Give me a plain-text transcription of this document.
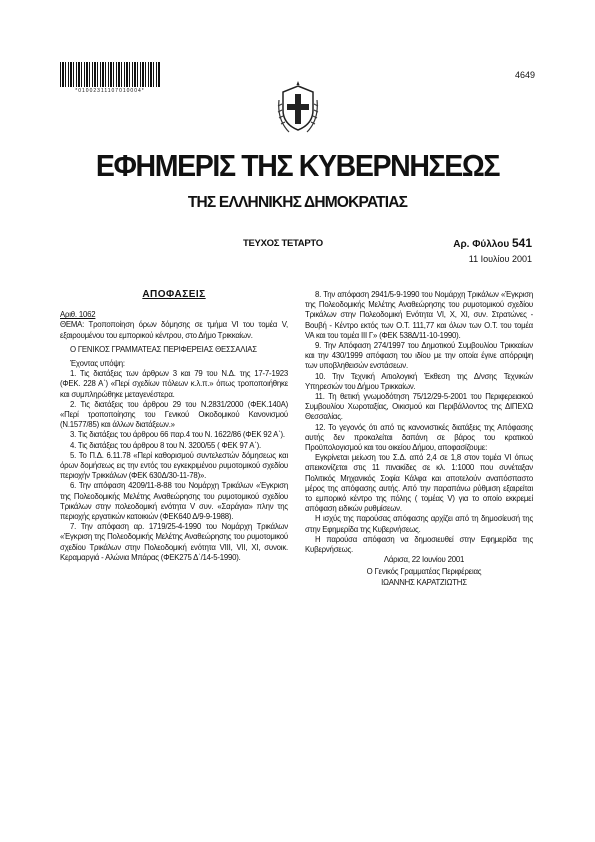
*01002311107010004*
4649
ΕΦΗΜΕΡΙΣ ΤΗΣ ΚΥΒΕΡΝΗΣΕΩΣ
ΤΗΣ ΕΛΛΗΝΙΚΗΣ ΔΗΜΟΚΡΑΤΙΑΣ
ΤΕΥΧΟΣ ΤΕΤΑΡΤΟ	Αρ. Φύλλου 541
11 Ιουλίου 2001
ΑΠΟΦΑΣΕΙΣ

Αριθ. 1062

ΘΕΜΑ: Τροποποίηση όρων δόμησης σε τμήμα VI του τομέα V, εξαιρουμένου του εμπορικού κέντρου, στο Δήμο Τρικκαίων.

Ο ΓΕΝΙΚΟΣ ΓΡΑΜΜΑΤΕΑΣ ΠΕΡΙΦΕΡΕΙΑΣ ΘΕΣΣΑΛΙΑΣ

Έχοντας υπόψη:

1. Τις διατάξεις των άρθρων 3 και 79 του Ν.Δ. της 17-7-1923 (ΦΕΚ. 228 Α΄) «Περί σχεδίων πόλεων κ.λ.π.» όπως τροποποιήθηκε και συμπληρώθηκε μεταγενέστερα.

2. Τις διατάξεις του άρθρου 29 του Ν.2831/2000 (ΦΕΚ.140Α) «Περί τροποποίησης του Γενικού Οικοδομικού Κανονισμού (Ν.1577/85) και άλλων διατάξεων.»

3. Τις διατάξεις του άρθρου 66 παρ.4 του Ν. 1622/86 (ΦΕΚ 92 Α΄).

4. Τις διατάξεις του άρθρου 8 του Ν. 3200/55 ( ΦΕΚ 97 Α΄).

5. Το Π.Δ. 6.11.78 «Περί καθορισμού συντελεστών δόμησεως και όρων δομήσεως εις την εντός του εγκεκριμένου ρυμοτομικού σχεδίου περιοχήν Τρικκάλων (ΦΕΚ 630Δ/30-11-78)».

6. Την απόφαση 4209/11-8-88 του Νομάρχη Τρικάλων «Έγκριση της Πολεοδομικής Μελέτης Αναθεώρησης του ρυμοτομικού σχεδίου Τρικάλων στην πολεοδομική ενότητα V συν. «Σαράγια» πλην της περιοχής εργατικών κατοικιών (ΦΕΚ640 Δ/9-9-1988).

7. Την απόφαση αρ. 1719/25-4-1990 του Νομάρχη Τρικάλων «Έγκριση της Πολεοδομικής Μελέτης Αναθεώρησης του ρυμοτομικού σχεδίου Τρικάλων στην Πολεοδομική ενότητα VIII, VII, XI, συνοικ. Κεραμαργιά - Αλώνια Μπάρας (ΦΕΚ275 Δ΄/14-5-1990).

8. Την απόφαση 2941/5-9-1990 του Νομάρχη Τρικάλων «Έγκριση της Πολεοδομικής Μελέτης Αναθεώρησης του ρυμοτομικού σχεδίου Τρικάλων στην Πολεοδομική Ενότητα VI, X, XI, συν. Στρατώνες - Βουβή - Κέντρο εκτός των Ο.Τ. 111,77 και όλων των Ο.Τ. του τομέα VA και του τομέα ΙΙΙ Γ» (ΦΕΚ 538Δ/11-10-1990).

9. Την Απόφαση 274/1997 του Δημοτικού Συμβουλίου Τρικκαίων και την 430/1999 απόφαση του ιδίου με την οποία έγινε απόρριψη των υποβληθεισών ενστάσεων.

10. Την Τεχνική Αιτιολογική Έκθεση της Δ/νσης Τεχνικών Υπηρεσιών του Δήμου Τρικκαίων.

11. Τη θετική γνωμοδότηση 75/12/29-5-2001 του Περιφερειακού Συμβουλίου Χωροταξίας, Οικισμού και Περιβάλλοντος της ΔΙΠΕΧΩ Θεσσαλίας.

12. Το γεγονός ότι από τις κανονιστικές διατάξεις της Απόφασης αυτής δεν προκαλείται δαπάνη σε βάρος του κρατικού Προϋπολογισμού και του οικείου Δήμου, αποφασίζουμε:

Εγκρίνεται μείωση του Σ.Δ. από 2,4 σε 1,8 στον τομέα VI όπως απεικονίζεται στις 11 πινακίδες σε κλ. 1:1000 που συνέταξαν Πολιτικός Μηχανικός Σοφία Κάλφα και αποτελούν αναπόσπαστο μέρος της απόφασης αυτής. Από την παραπάνω ρύθμιση εξαιρείται το εμπορικό κέντρο της πόλης ( τομέας V) για το οποίο εκκρεμεί απόφαση ειδικών ρυθμίσεων.

Η ισχύς της παρούσας απόφασης αρχίζει από τη δημοσίευσή της στην Εφημερίδα της Κυβερνήσεως.

Η παρούσα απόφαση να δημοσιευθεί στην Εφημερίδα της Κυβερνήσεως.

Λάρισα, 22 Ιουνίου 2001

Ο Γενικός Γραμματέας Περιφέρειας

ΙΩΑΝΝΗΣ ΚΑΡΑΤΖΙΩΤΗΣ
